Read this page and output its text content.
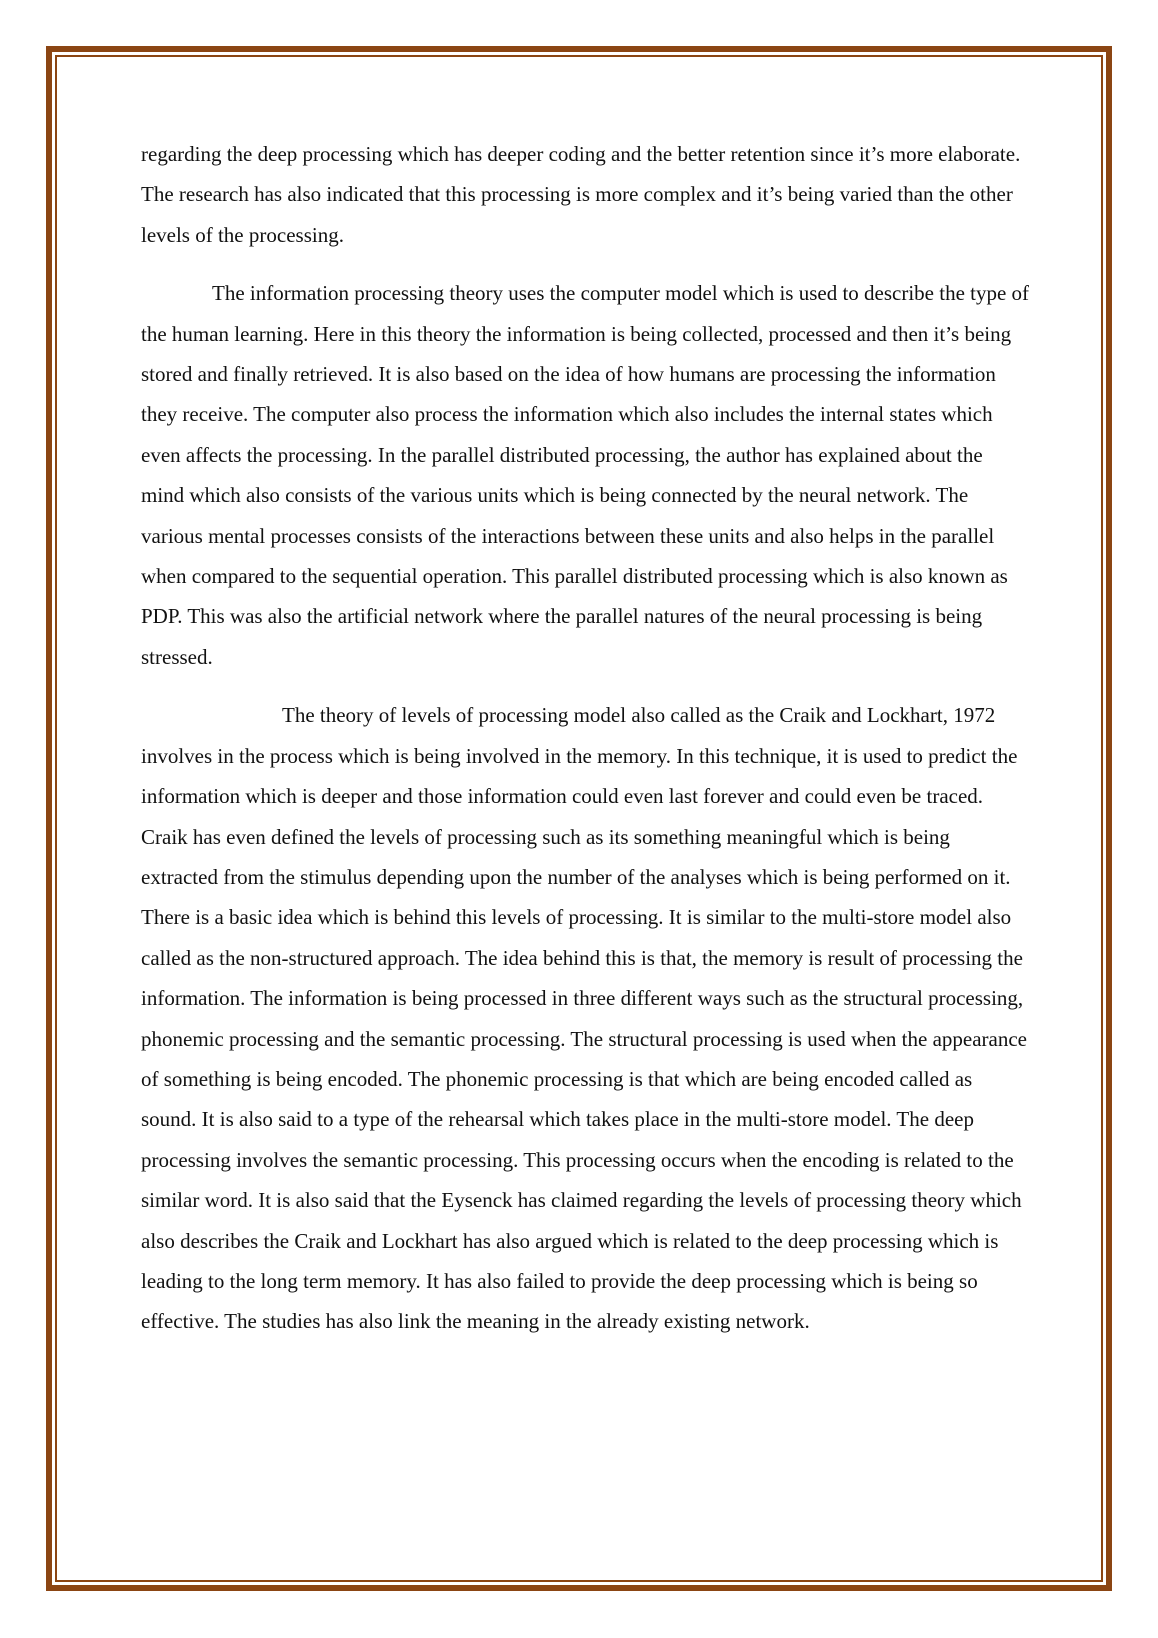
regarding the deep processing which has deeper coding and the better retention since it’s more elaborate. The research has also indicated that this processing is more complex and it’s being varied than the other levels of the processing.

The information processing theory uses the computer model which is used to describe the type of the human learning. Here in this theory the information is being collected, processed and then it’s being stored and finally retrieved. It is also based on the idea of how humans are processing the information they receive. The computer also process the information which also includes the internal states which even affects the processing. In the parallel distributed processing, the author has explained about the mind which also consists of the various units which is being connected by the neural network. The various mental processes consists of the interactions between these units and also helps in the parallel when compared to the sequential operation. This parallel distributed processing which is also known as PDP. This was also the artificial network where the parallel natures of the neural processing is being stressed.

The theory of levels of processing model also called as the Craik and Lockhart, 1972 involves in the process which is being involved in the memory. In this technique, it is used to predict the information which is deeper and those information could even last forever and could even be traced. Craik has even defined the levels of processing such as its something meaningful which is being extracted from the stimulus depending upon the number of the analyses which is being performed on it. There is a basic idea which is behind this levels of processing. It is similar to the multi-store model also called as the non-structured approach. The idea behind this is that, the memory is result of processing the information. The information is being processed in three different ways such as the structural processing, phonemic processing and the semantic processing. The structural processing is used when the appearance of something is being encoded. The phonemic processing is that which are being encoded called as sound. It is also said to a type of the rehearsal which takes place in the multi-store model. The deep processing involves the semantic processing. This processing occurs when the encoding is related to the similar word. It is also said that the Eysenck has claimed regarding the levels of processing theory which also describes the Craik and Lockhart has also argued which is related to the deep processing which is leading to the long term memory. It has also failed to provide the deep processing which is being so effective. The studies has also link the meaning in the already existing network.
